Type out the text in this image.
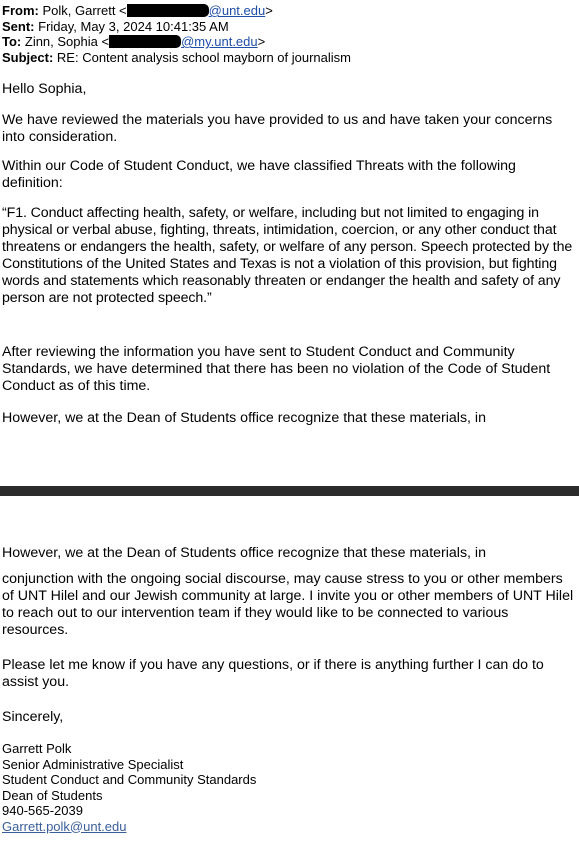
From: Polk, Garrett <	@unt.edu>
Sent: Friday, May 3, 2024 10:41:35 AM
To: Zinn, Sophia <	@my.unt.edu>
Subject: RE: Content analysis school mayborn of journalism

Hello Sophia,

We have reviewed the materials you have provided to us and have taken your concerns into consideration.

Within our Code of Student Conduct, we have classified Threats with the following definition:

“F1. Conduct affecting health, safety, or welfare, including but not limited to engaging in physical or verbal abuse, fighting, threats, intimidation, coercion, or any other conduct that threatens or endangers the health, safety, or welfare of any person. Speech protected by the Constitutions of the United States and Texas is not a violation of this provision, but fighting words and statements which reasonably threaten or endanger the health and safety of any person are not protected speech.”

After reviewing the information you have sent to Student Conduct and Community Standards, we have determined that there has been no violation of the Code of Student Conduct as of this time.

However, we at the Dean of Students office recognize that these materials, in
However, we at the Dean of Students office recognize that these materials, in

conjunction with the ongoing social discourse, may cause stress to you or other members of UNT Hilel and our Jewish community at large. I invite you or other members of UNT Hilel to reach out to our intervention team if they would like to be connected to various resources.

Please let me know if you have any questions, or if there is anything further I can do to assist you.

Sincerely,

Garrett Polk

Senior Administrative Specialist

Student Conduct and Community Standards

Dean of Students

940-565-2039

Garrett.polk@unt.edu
